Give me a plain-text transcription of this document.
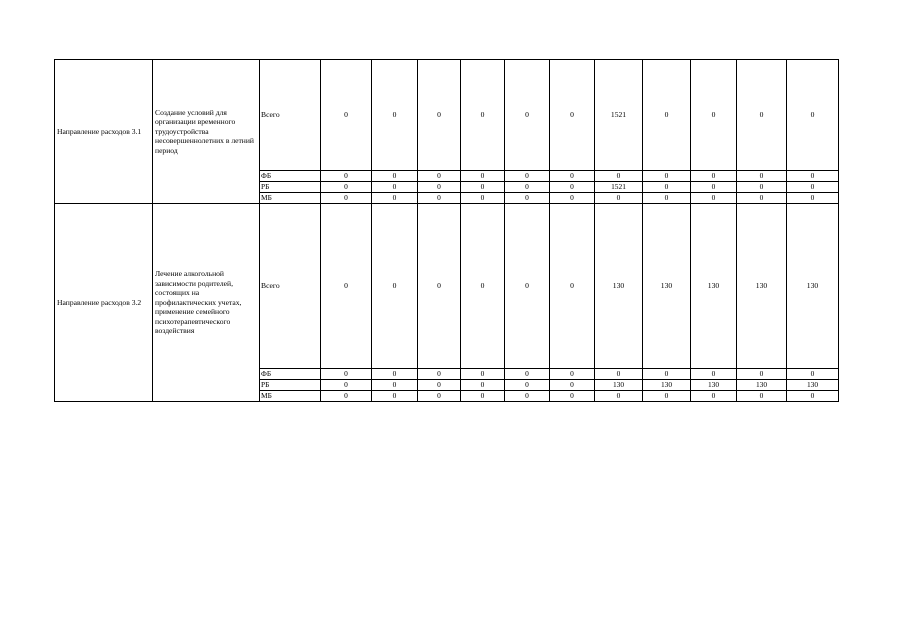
Направление расходов 3.1	Создание условий для организации временного трудоустройства несовершеннолетних в летний период	Всего	0	0	0	0	0	0	1521	0	0	0	0
		ФБ	0	0	0	0	0	0	0	0	0	0	0
		РБ	0	0	0	0	0	0	1521	0	0	0	0
		МБ	0	0	0	0	0	0	0	0	0	0	0
Направление расходов 3.2	Лечение алкогольной зависимости родителей, состоящих на профилактических учетах, применение семейного психотерапевтического воздействия	Всего	0	0	0	0	0	0	130	130	130	130	130
		ФБ	0	0	0	0	0	0	0	0	0	0	0
		РБ	0	0	0	0	0	0	130	130	130	130	130
		МБ	0	0	0	0	0	0	0	0	0	0	0
